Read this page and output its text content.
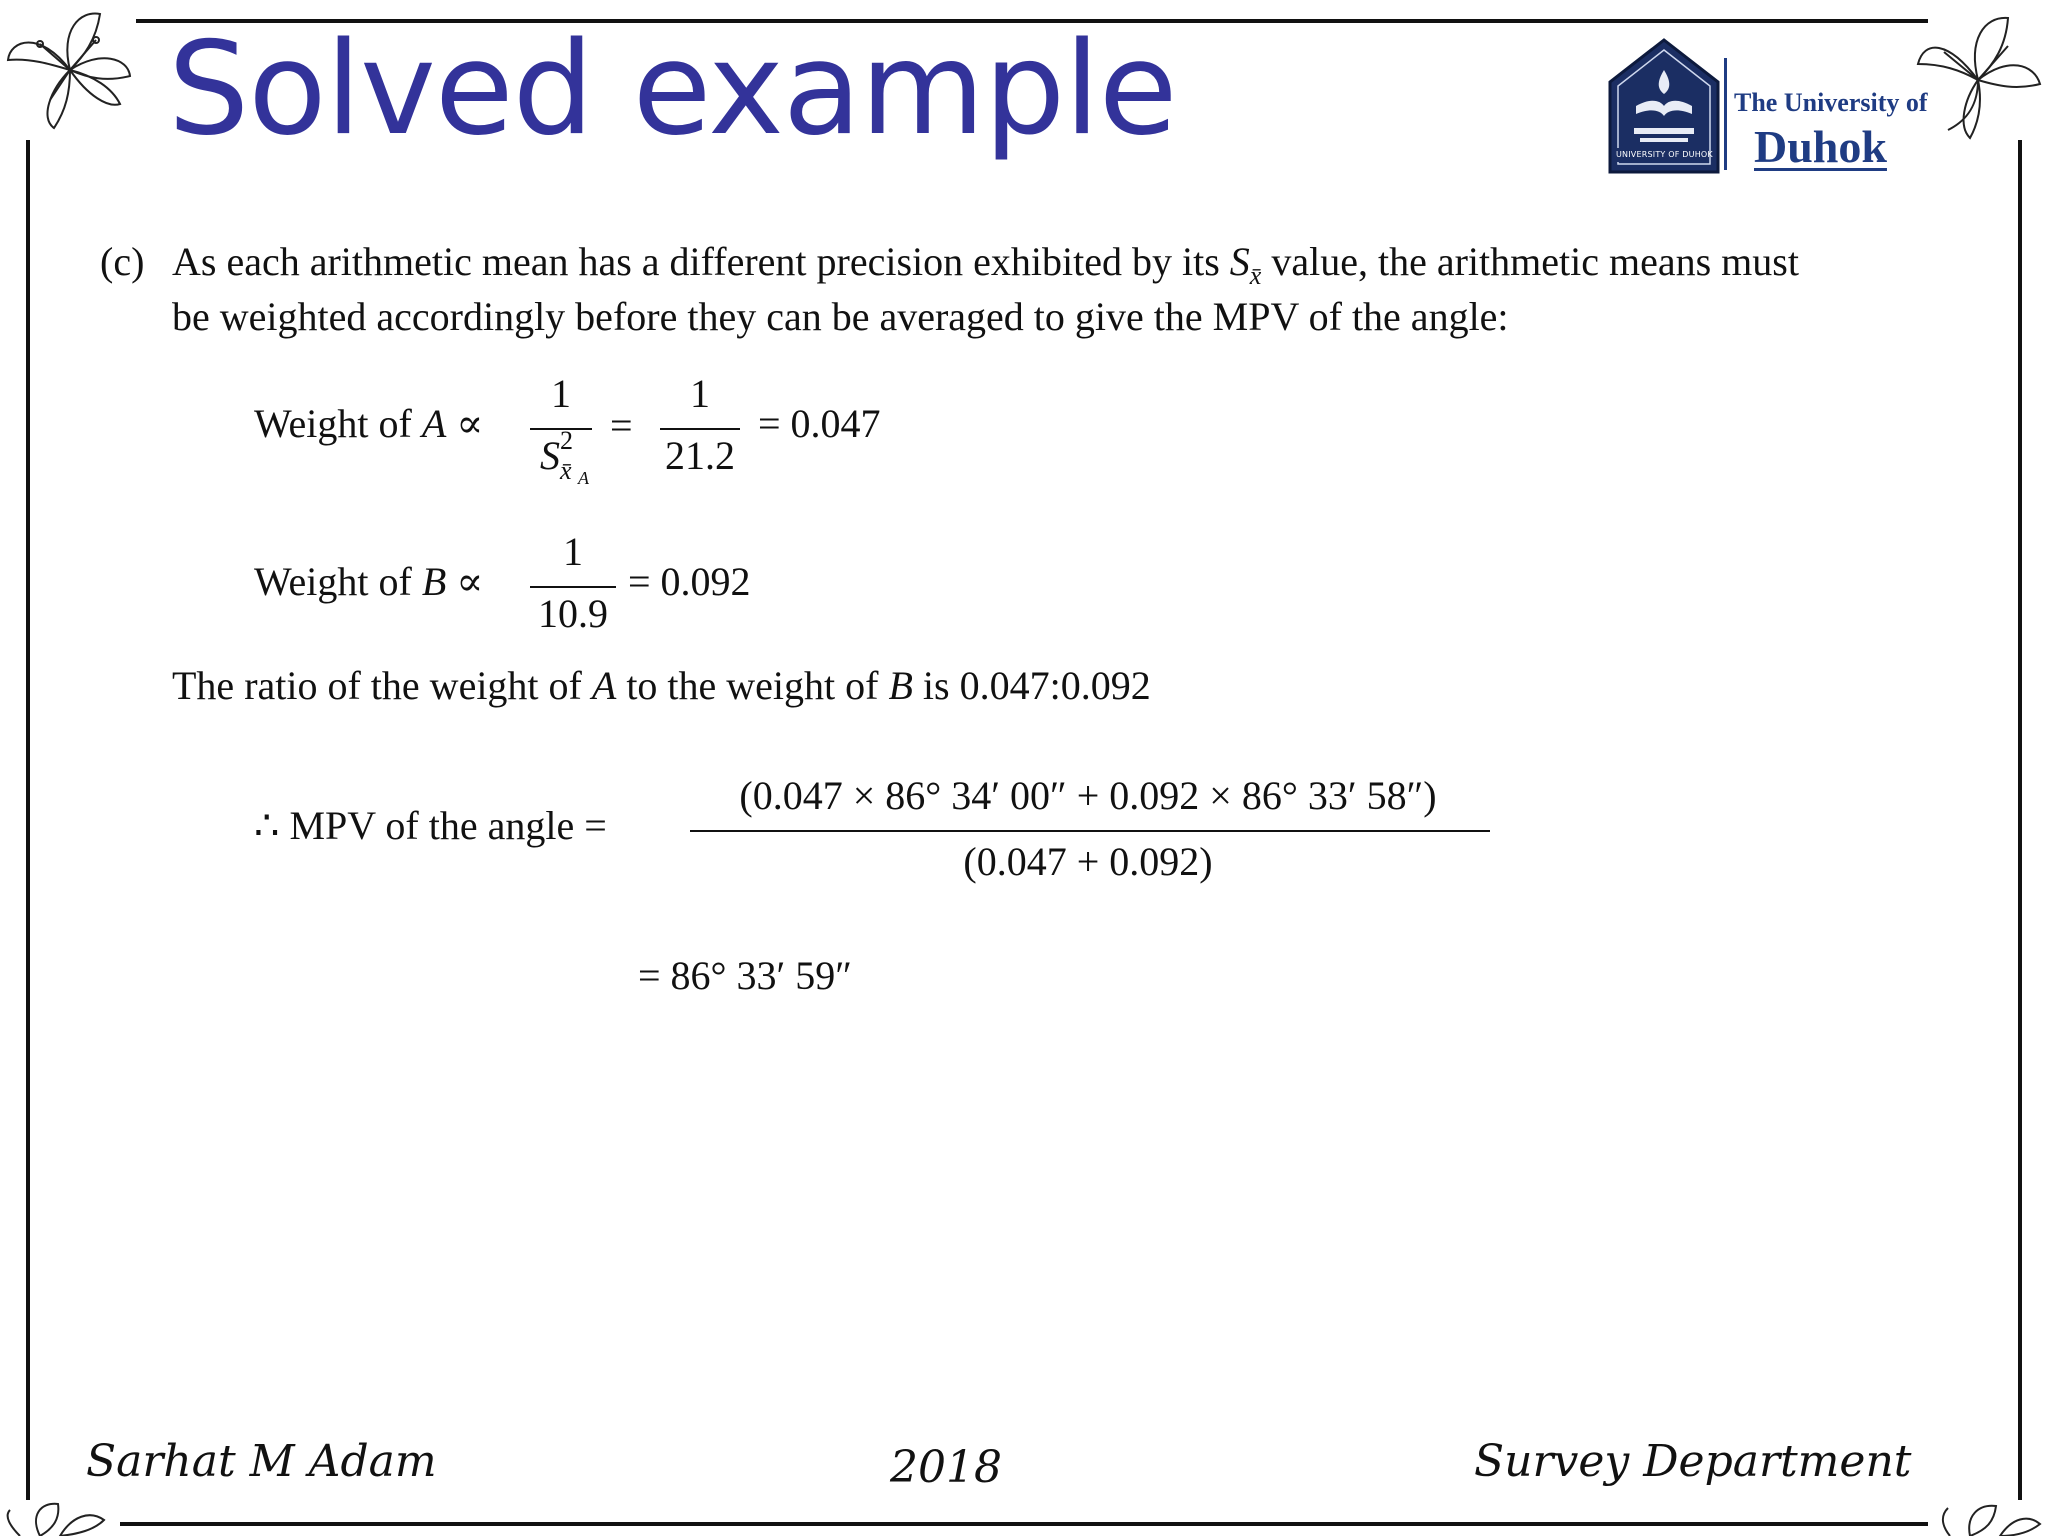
Solved example	UNIVERSITY OF DUHOK
The University of
Duhok
(c) As each arithmetic mean has a different precision exhibited by its $S_{x̄}$ value, the arithmetic means must
be weighted accordingly before they can be averaged to give the MPV of the angle:
Weight of A ∝
1
S 2
x̄ A
=
1
21.2
= 0.047
Weight of B ∝
1
10.9
= 0.092
The ratio of the weight of A to the weight of B is 0.047:0.092
∴ MPV of the angle =
(0.047 × 86° 34′ 00″ + 0.092 × 86° 33′ 58″)
(0.047 + 0.092)
= 86° 33′ 59″
Sarhat M Adam	2018	Survey Department
